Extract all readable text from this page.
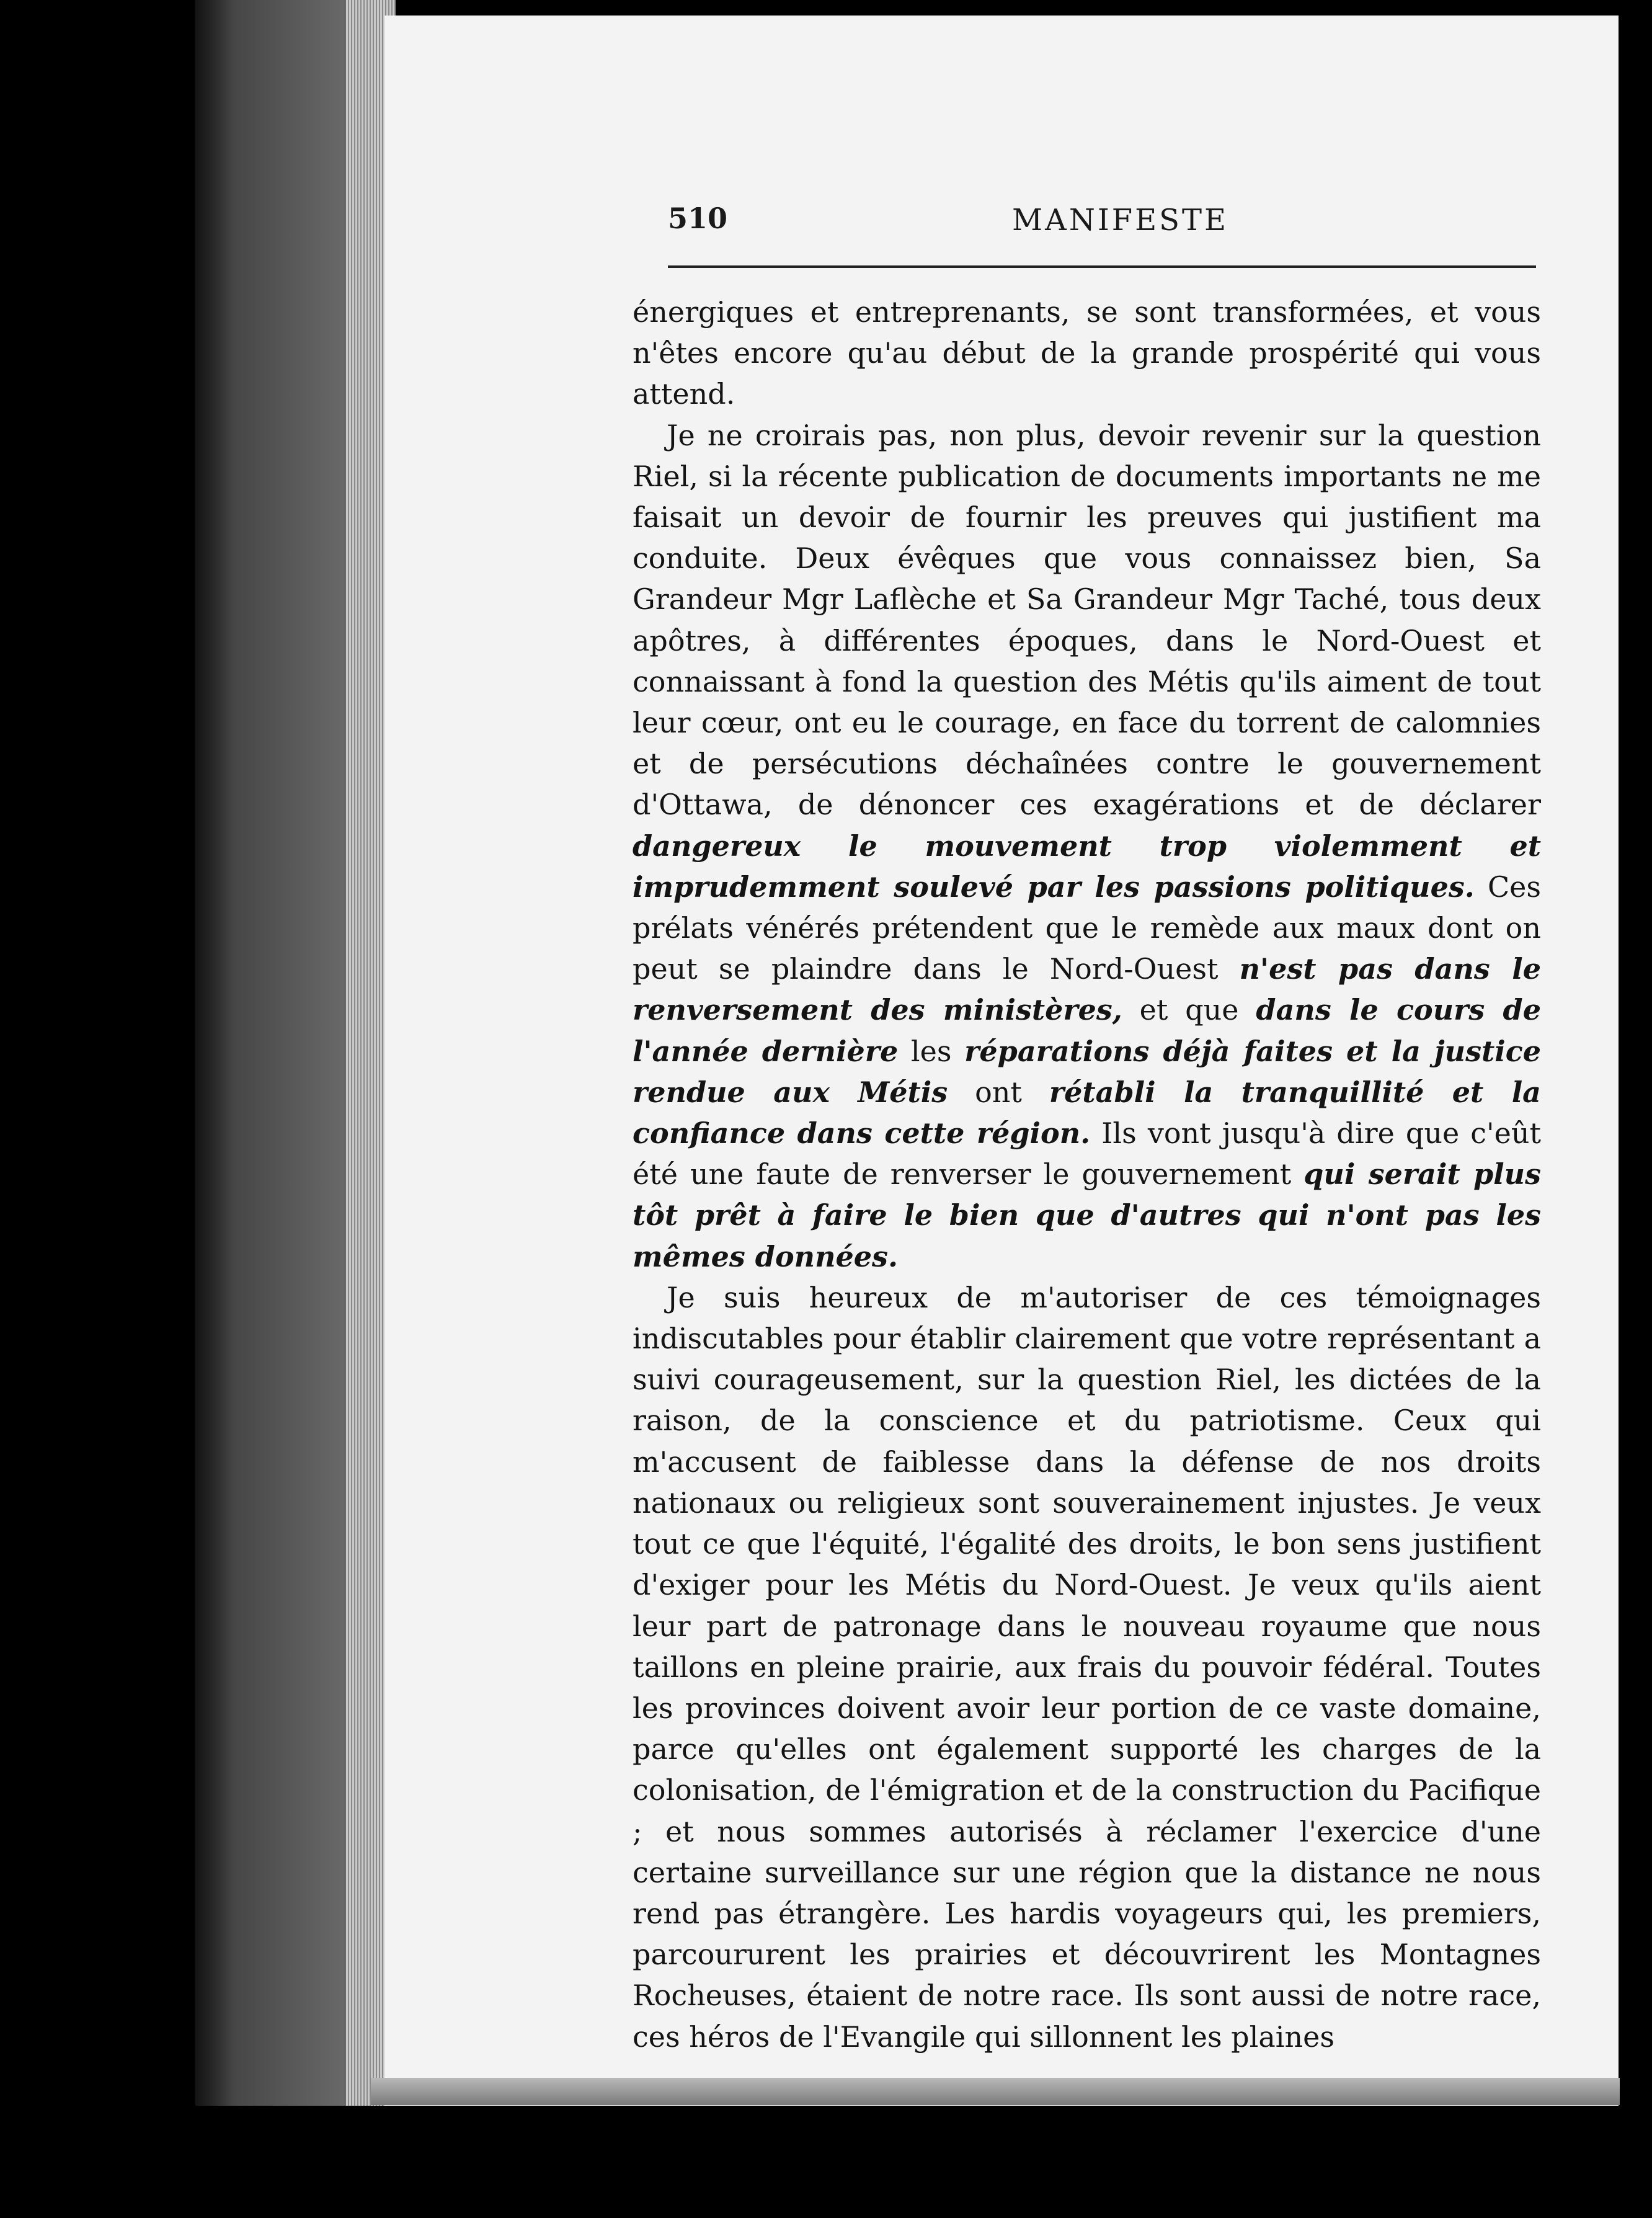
510	MANIFESTE

énergiques et entreprenants, se sont transformées, et vous n'êtes encore qu'au début de la grande prospérité qui vous attend.

Je ne croirais pas, non plus, devoir revenir sur la question Riel, si la récente publication de documents importants ne me faisait un devoir de fournir les preuves qui justifient ma conduite. Deux évêques que vous connaissez bien, Sa Grandeur Mgr Laflèche et Sa Grandeur Mgr Taché, tous deux apôtres, à différentes époques, dans le Nord-Ouest et connaissant à fond la question des Métis qu'ils aiment de tout leur cœur, ont eu le courage, en face du torrent de calomnies et de persécutions déchaînées contre le gouvernement d'Ottawa, de dénoncer ces exagérations et de déclarer dangereux le mouvement trop violemment et imprudemment soulevé par les passions politiques. Ces prélats vénérés prétendent que le remède aux maux dont on peut se plaindre dans le Nord-Ouest n'est pas dans le renversement des ministères, et que dans le cours de l'année dernière les réparations déjà faites et la justice rendue aux Métis ont rétabli la tranquillité et la confiance dans cette région. Ils vont jusqu'à dire que c'eût été une faute de renverser le gouvernement qui serait plus tôt prêt à faire le bien que d'autres qui n'ont pas les mêmes données.

Je suis heureux de m'autoriser de ces témoignages indiscutables pour établir clairement que votre représentant a suivi courageusement, sur la question Riel, les dictées de la raison, de la conscience et du patriotisme. Ceux qui m'accusent de faiblesse dans la défense de nos droits nationaux ou religieux sont souverainement injustes. Je veux tout ce que l'équité, l'égalité des droits, le bon sens justifient d'exiger pour les Métis du Nord-Ouest. Je veux qu'ils aient leur part de patronage dans le nouveau royaume que nous taillons en pleine prairie, aux frais du pouvoir fédéral. Toutes les provinces doivent avoir leur portion de ce vaste domaine, parce qu'elles ont également supporté les charges de la colonisation, de l'émigration et de la construction du Pacifique ; et nous sommes autorisés à réclamer l'exercice d'une certaine surveillance sur une région que la distance ne nous rend pas étrangère. Les hardis voyageurs qui, les premiers, parcoururent les prairies et découvrirent les Montagnes Rocheuses, étaient de notre race. Ils sont aussi de notre race, ces héros de l'Evangile qui sillonnent les plaines
